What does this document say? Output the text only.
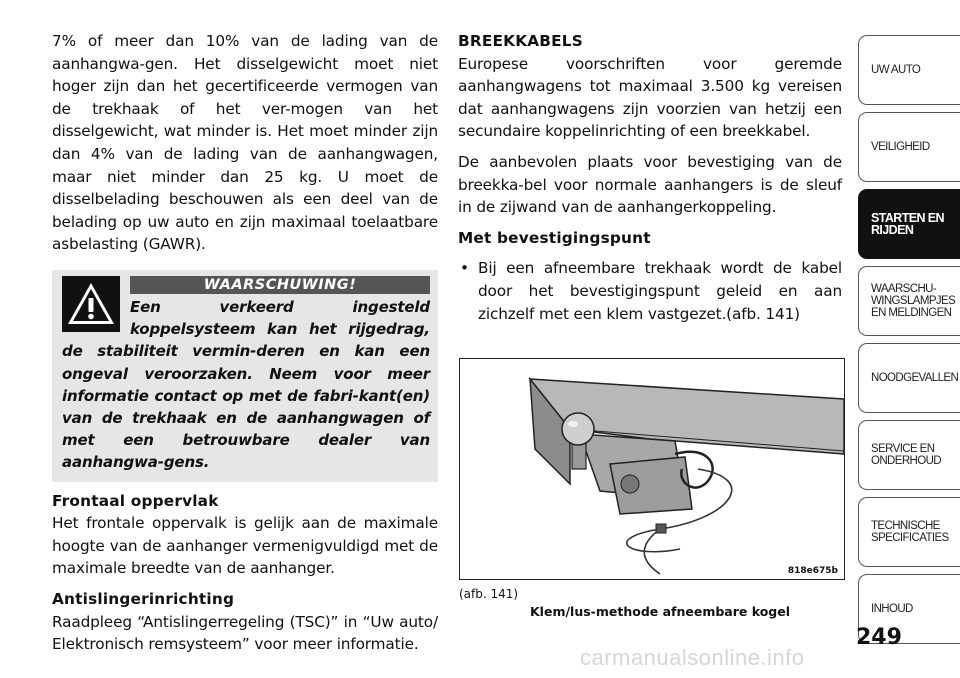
7% of meer dan 10% van de lading van de aanhangwa-gen. Het disselgewicht moet niet hoger zijn dan het gecertificeerde vermogen van de trekhaak of het ver-mogen van het disselgewicht, wat minder is. Het moet minder zijn dan 4% van de lading van de aanhangwagen, maar niet minder dan 25 kg. U moet de disselbelading beschouwen als een deel van de belading op uw auto en zijn maximaal toelaatbare asbelasting (GAWR).

WAARSCHUWING!
Een verkeerd ingesteld koppelsysteem kan het rijgedrag, de stabiliteit vermin-deren en kan een ongeval veroorzaken. Neem voor meer informatie contact op met de fabri-kant(en) van de trekhaak en de aanhangwagen of met een betrouwbare dealer van aanhangwa-gens.

Frontaal oppervlak

Het frontale oppervalk is gelijk aan de maximale hoogte van de aanhanger vermenigvuldigd met de maximale breedte van de aanhanger.

Antislingerinrichting

Raadpleeg “Antislingerregeling (TSC)” in “Uw auto/ Elektronisch remsysteem” voor meer informatie.

BREEKKABELS

Europese voorschriften voor geremde aanhangwagens tot maximaal 3.500 kg vereisen dat aanhangwagens zijn voorzien van hetzij een secundaire koppelinrichting of een breekkabel.

De aanbevolen plaats voor bevestiging van de breekka-bel voor normale aanhangers is de sleuf in de zijwand van de aanhangerkoppeling.

Met bevestigingspunt

• Bij een afneembare trekhaak wordt de kabel door het bevestigingspunt geleid en aan zichzelf met een klem vastgezet.(afb. 141)
818e675b
(afb. 141)
Klem/lus-methode afneembare kogel
UW AUTO
VEILIGHEID
STARTEN EN
RIJDEN
WAARSCHU-
WINGSLAMPJES
EN MELDINGEN
NOODGEVALLEN
SERVICE EN
ONDERHOUD
TECHNISCHE
SPECIFICATIES
INHOUD
249
carmanualsonline.info
